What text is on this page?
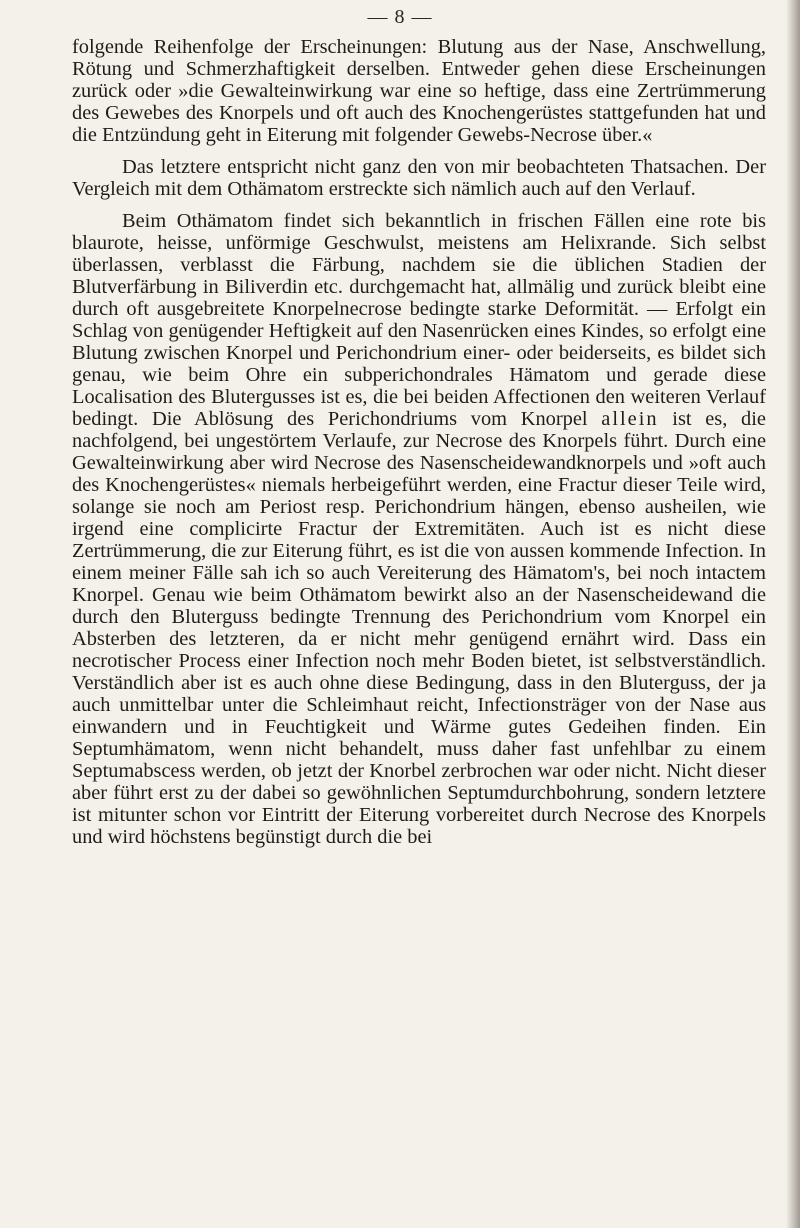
— 8 —

folgende Reihenfolge der Erscheinungen: Blutung aus der Nase, Anschwellung, Rötung und Schmerzhaftigkeit derselben. Entweder gehen diese Erscheinungen zurück oder »die Gewalteinwirkung war eine so heftige, dass eine Zertrümmerung des Gewebes des Knorpels und oft auch des Knochengerüstes stattgefunden hat und die Entzündung geht in Eiterung mit folgender Gewebs-Necrose über.«

Das letztere entspricht nicht ganz den von mir beobachteten Thatsachen. Der Vergleich mit dem Othämatom erstreckte sich nämlich auch auf den Verlauf.

Beim Othämatom findet sich bekanntlich in frischen Fällen eine rote bis blaurote, heisse, unförmige Geschwulst, meistens am Helixrande. Sich selbst überlassen, verblasst die Färbung, nachdem sie die üblichen Stadien der Blutverfärbung in Biliverdin etc. durchgemacht hat, allmälig und zurück bleibt eine durch oft ausgebreitete Knorpelnecrose bedingte starke Deformität. — Erfolgt ein Schlag von genügender Heftigkeit auf den Nasenrücken eines Kindes, so erfolgt eine Blutung zwischen Knorpel und Perichondrium einer- oder beiderseits, es bildet sich genau, wie beim Ohre ein subperichondrales Hämatom und gerade diese Localisation des Blutergusses ist es, die bei beiden Affectionen den weiteren Verlauf bedingt. Die Ablösung des Perichondriums vom Knorpel allein ist es, die nachfolgend, bei ungestörtem Verlaufe, zur Necrose des Knorpels führt. Durch eine Gewalteinwirkung aber wird Necrose des Nasenscheidewandknorpels und »oft auch des Knochengerüstes« niemals herbeigeführt werden, eine Fractur dieser Teile wird, solange sie noch am Periost resp. Perichondrium hängen, ebenso ausheilen, wie irgend eine complicirte Fractur der Extremitäten. Auch ist es nicht diese Zertrümmerung, die zur Eiterung führt, es ist die von aussen kommende Infection. In einem meiner Fälle sah ich so auch Vereiterung des Hämatom's, bei noch intactem Knorpel. Genau wie beim Othämatom bewirkt also an der Nasenscheidewand die durch den Bluterguss bedingte Trennung des Perichondrium vom Knorpel ein Absterben des letzteren, da er nicht mehr genügend ernährt wird. Dass ein necrotischer Process einer Infection noch mehr Boden bietet, ist selbstverständlich. Verständlich aber ist es auch ohne diese Bedingung, dass in den Bluterguss, der ja auch unmittelbar unter die Schleimhaut reicht, Infectionsträger von der Nase aus einwandern und in Feuchtigkeit und Wärme gutes Gedeihen finden. Ein Septumhämatom, wenn nicht behandelt, muss daher fast unfehlbar zu einem Septumabscess werden, ob jetzt der Knorbel zerbrochen war oder nicht. Nicht dieser aber führt erst zu der dabei so gewöhnlichen Septumdurchbohrung, sondern letztere ist mitunter schon vor Eintritt der Eiterung vorbereitet durch Necrose des Knorpels und wird höchstens begünstigt durch die bei
